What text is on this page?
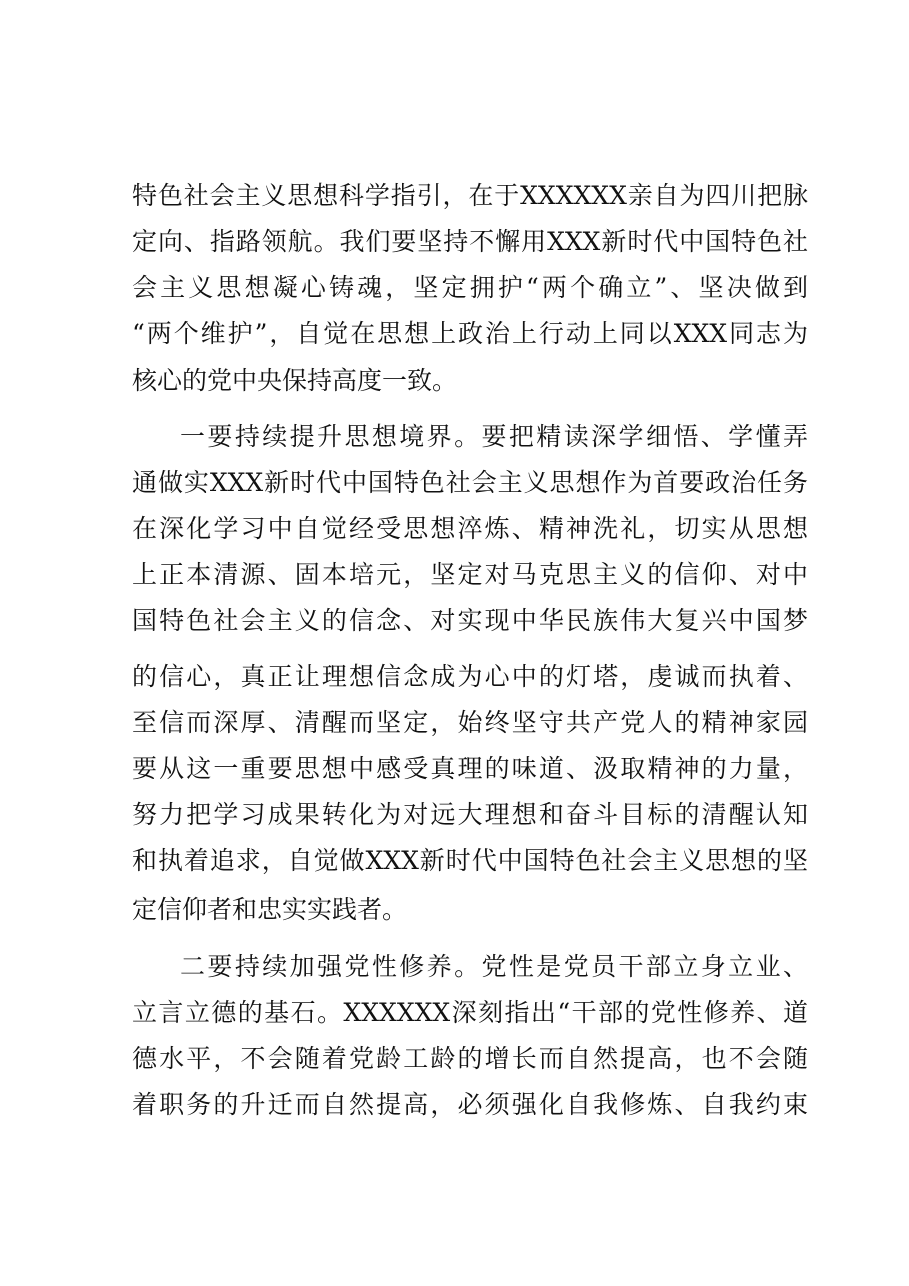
特色社会主义思想科学指引，在于XXXXXX亲自为四川把脉
定向、指路领航。我们要坚持不懈用XXX新时代中国特色社
会主义思想凝心铸魂，坚定拥护“两个确立”、坚决做到
“两个维护”，自觉在思想上政治上行动上同以XXX同志为
核心的党中央保持高度一致。
一要持续提升思想境界。要把精读深学细悟、学懂弄
通做实XXX新时代中国特色社会主义思想作为首要政治任务
在深化学习中自觉经受思想淬炼、精神洗礼，切实从思想
上正本清源、固本培元，坚定对马克思主义的信仰、对中
国特色社会主义的信念、对实现中华民族伟大复兴中国梦
的信心，真正让理想信念成为心中的灯塔，虔诚而执着、
至信而深厚、清醒而坚定，始终坚守共产党人的精神家园
要从这一重要思想中感受真理的味道、汲取精神的力量，
努力把学习成果转化为对远大理想和奋斗目标的清醒认知
和执着追求，自觉做XXX新时代中国特色社会主义思想的坚
定信仰者和忠实实践者。
二要持续加强党性修养。党性是党员干部立身立业、
立言立德的基石。XXXXXX深刻指出“干部的党性修养、道
德水平，不会随着党龄工龄的增长而自然提高，也不会随
着职务的升迁而自然提高，必须强化自我修炼、自我约束
